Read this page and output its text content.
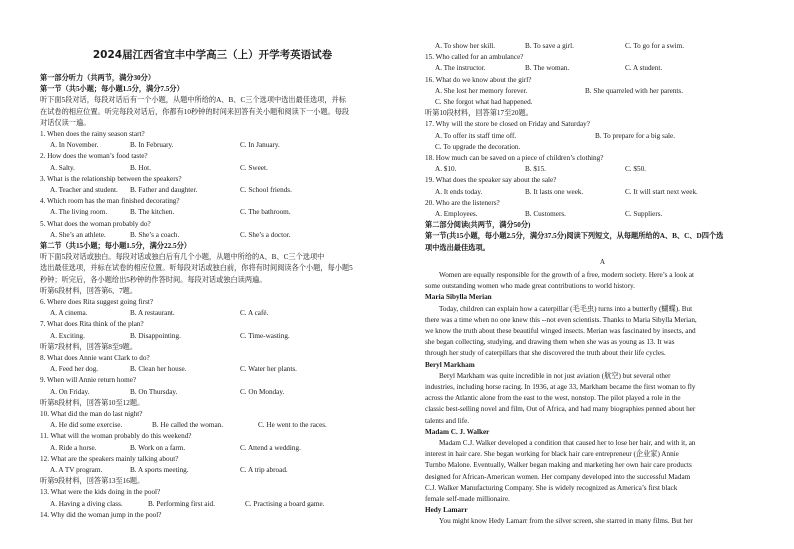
2024届江西省宜丰中学高三（上）开学考英语试卷
第一部分听力（共两节，满分30分）
第一节（共5小题；每小题1.5分，满分7.5分）
听下面5段对话，每段对话后有一个小题，从题中所给的A、B、C三个选项中选出最佳选项，并标
在试卷的相应位置。听完每段对话后，你都有10秒钟的时间来回答有关小题和阅读下一小题。每段
对话仅读一遍。
1. When does the rainy season start?
A. In November.	B. In February.	C. In January.
2. How does the woman’s food taste?
A. Salty.	B. Hot.	C. Sweet.
3. What is the relationship between the speakers?
A. Teacher and student. B. Father and daughter.	C. School friends.
4. Which room has the man finished decorating?
A. The living room.	B. The kitchen.	C. The bathroom.
5. What does the woman probably do?
A. She’s an athlete.	B. She’s a coach.	C. She’s a doctor.
第二节（共15小题；每小题1.5分，满分22.5分）
听下面5段对话或独白。每段对话或独白后有几个小题，从题中所给的A、B、C三个选项中
选出最佳选项，并标在试卷的相应位置。听每段对话或独白前，你将有时间阅读各个小题，每小题5
秒钟；听完后，各小题给出5秒钟的作答时间。每段对话或独白读两遍。
听第6段材料，回答第6、7题。
6. Where does Rita suggest going first?
A. A cinema.	B. A restaurant.	C. A café.
7. What does Rita think of the plan?
A. Exciting.	B. Disappointing.	C. Time-wasting.
听第7段材料，回答第8至9题。
8. What does Annie want Clark to do?
A. Feed her dog.	B. Clean her house.	C. Water her plants.
9. When will Annie return home?
A. On Friday.	B. On Thursday.	C. On Monday.
听第8段材料，回答第10至12题。
10. What did the man do last night?
A. He did some exercise.	B. He called the woman.	C. He went to the races.
11. What will the woman probably do this weekend?
A. Ride a horse.	B. Work on a farm.	C. Attend a wedding.
12. What are the speakers mainly talking about?
A. A TV program.	B. A sports meeting.	C. A trip abroad.
听第9段材料，回答第13至16题。
13. What were the kids doing in the pool?
A. Having a diving class.	B. Performing first aid.	C. Practising a board game.
14. Why did the woman jump in the pool?
A. To show her skill.	B. To save a girl.	C. To go for a swim.
15. Who called for an ambulance?
A. The instructor.	B. The woman.	C. A student.
16. What do we know about the girl?
A. She lost her memory forever.	B. She quarreled with her parents.
C. She forgot what had happened.
听第10段材料，回答第17至20题。
17. Why will the store be closed on Friday and Saturday?
A. To offer its staff time off.	B. To prepare for a big sale.
C. To upgrade the decoration.
18. How much can be saved on a piece of children’s clothing?
A. $10.	B. $15.	C. $50.
19. What does the speaker say about the sale?
A. It ends today.	B. It lasts one week.	C. It will start next week.
20. Who are the listeners?
A. Employees.	B. Customers.	C. Suppliers.
第二部分阅读(共两节，满分50分)
第一节(共15小题，每小题2.5分，满分37.5分)阅读下列短文，从每题所给的A、B、C、D四个选
项中选出最佳选项。
A
Women are equally responsible for the growth of a free, modern society. Here’s a look at
some outstanding women who made great contributions to world history.
Maria Sibylla Merian
Today, children can explain how a caterpillar (毛毛虫) turns into a butterfly (蝴蝶). But
there was a time when no one knew this --not even scientists. Thanks to Maria Sibylla Merian,
we know the truth about these beautiful winged insects. Merian was fascinated by insects, and
she began collecting, studying, and drawing them when she was as young as 13. It was
through her study of caterpillars that she discovered the truth about their life cycles.
Beryl Markham
Beryl Markham was quite incredible in not just aviation (航空) but several other
industries, including horse racing. In 1936, at age 33, Markham became the first woman to fly
across the Atlantic alone from the east to the west, nonstop. The pilot played a role in the
classic best-selling novel and film, Out of Africa, and had many biographies penned about her
talents and life.
Madam C. J. Walker
Madam C.J. Walker developed a condition that caused her to lose her hair, and with it, an
interest in hair care. She began working for black hair care entrepreneur (企业家) Annie
Turnbo Malone. Eventually, Walker began making and marketing her own hair care products
designed for African-American women. Her company developed into the successful Madam
C.J. Walker Manufacturing Company. She is widely recognized as America’s first black
female self-made millionaire.
Hedy Lamarr
You might know Hedy Lamarr from the silver screen, she starred in many films. But her
